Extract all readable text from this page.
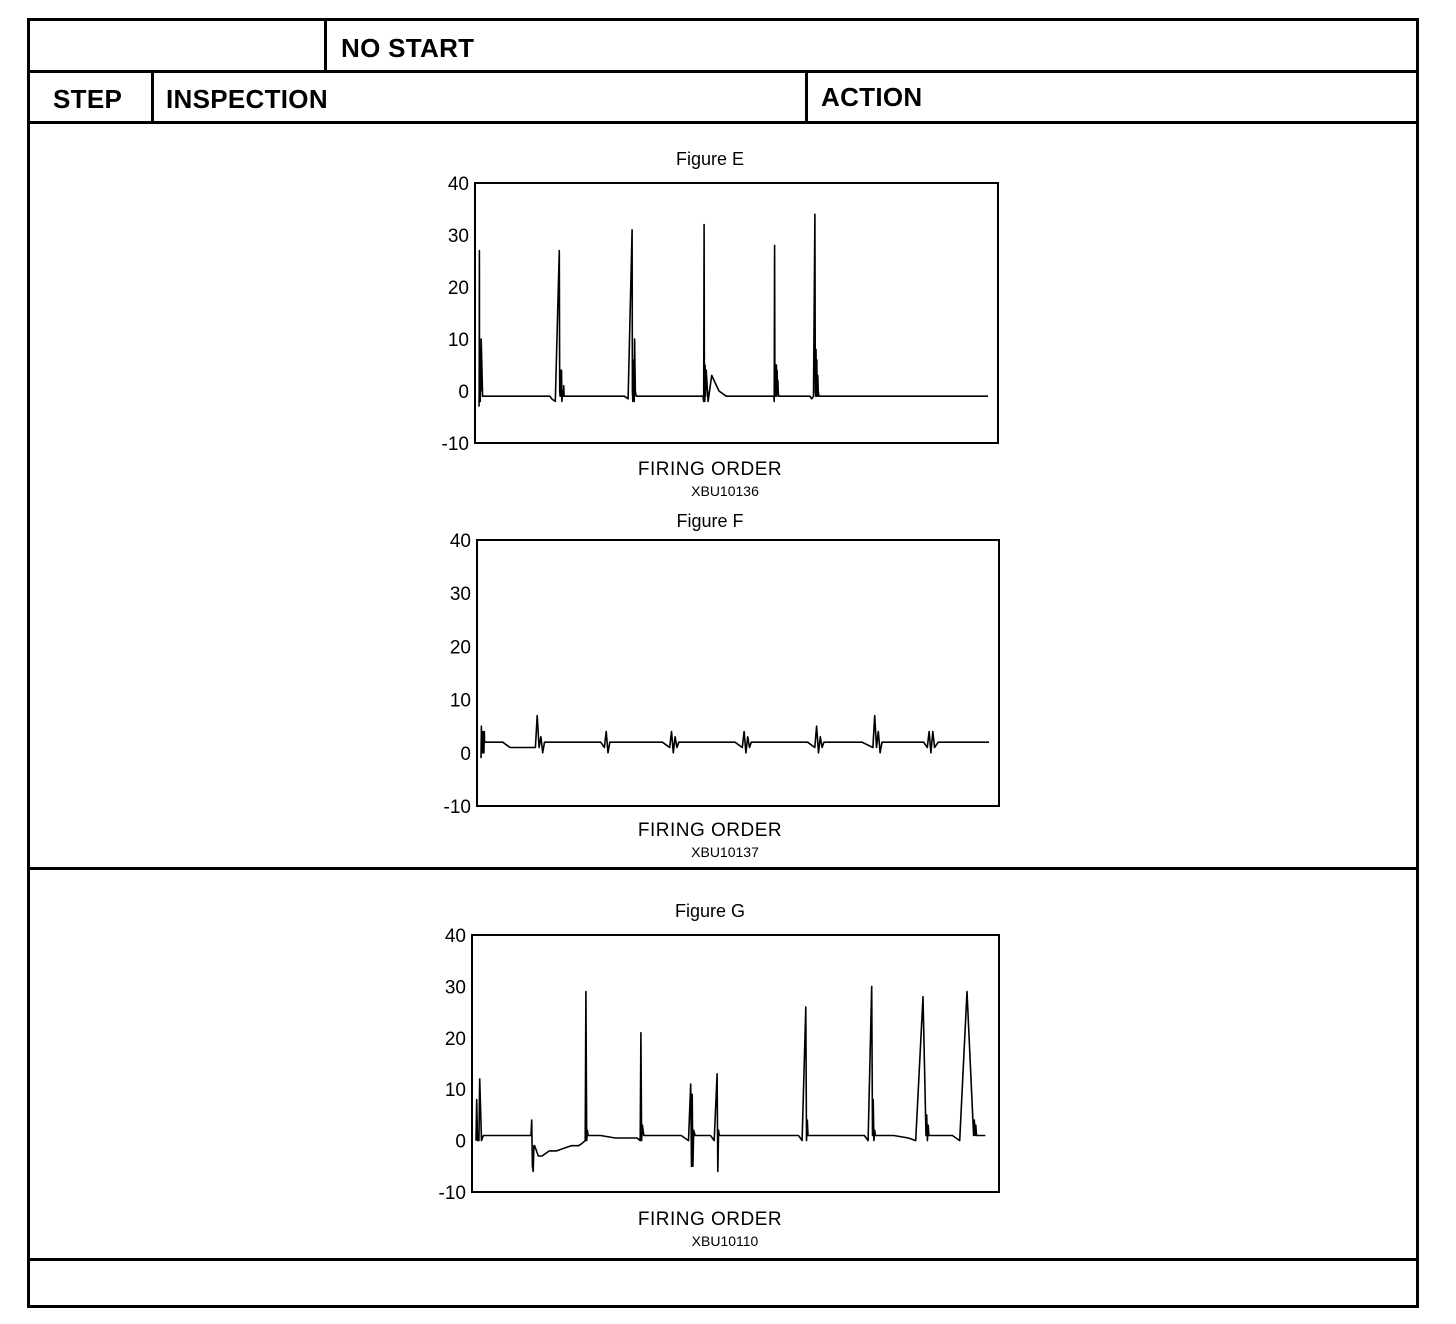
NO START
STEP INSPECTION	ACTION
Figure E
40
30
20
10
0
-10
FIRING ORDER
XBU10136
Figure F
40
30
20
10
0
-10
FIRING ORDER
XBU10137
Figure G
40
30
20
10
0
-10
FIRING ORDER
XBU10110
